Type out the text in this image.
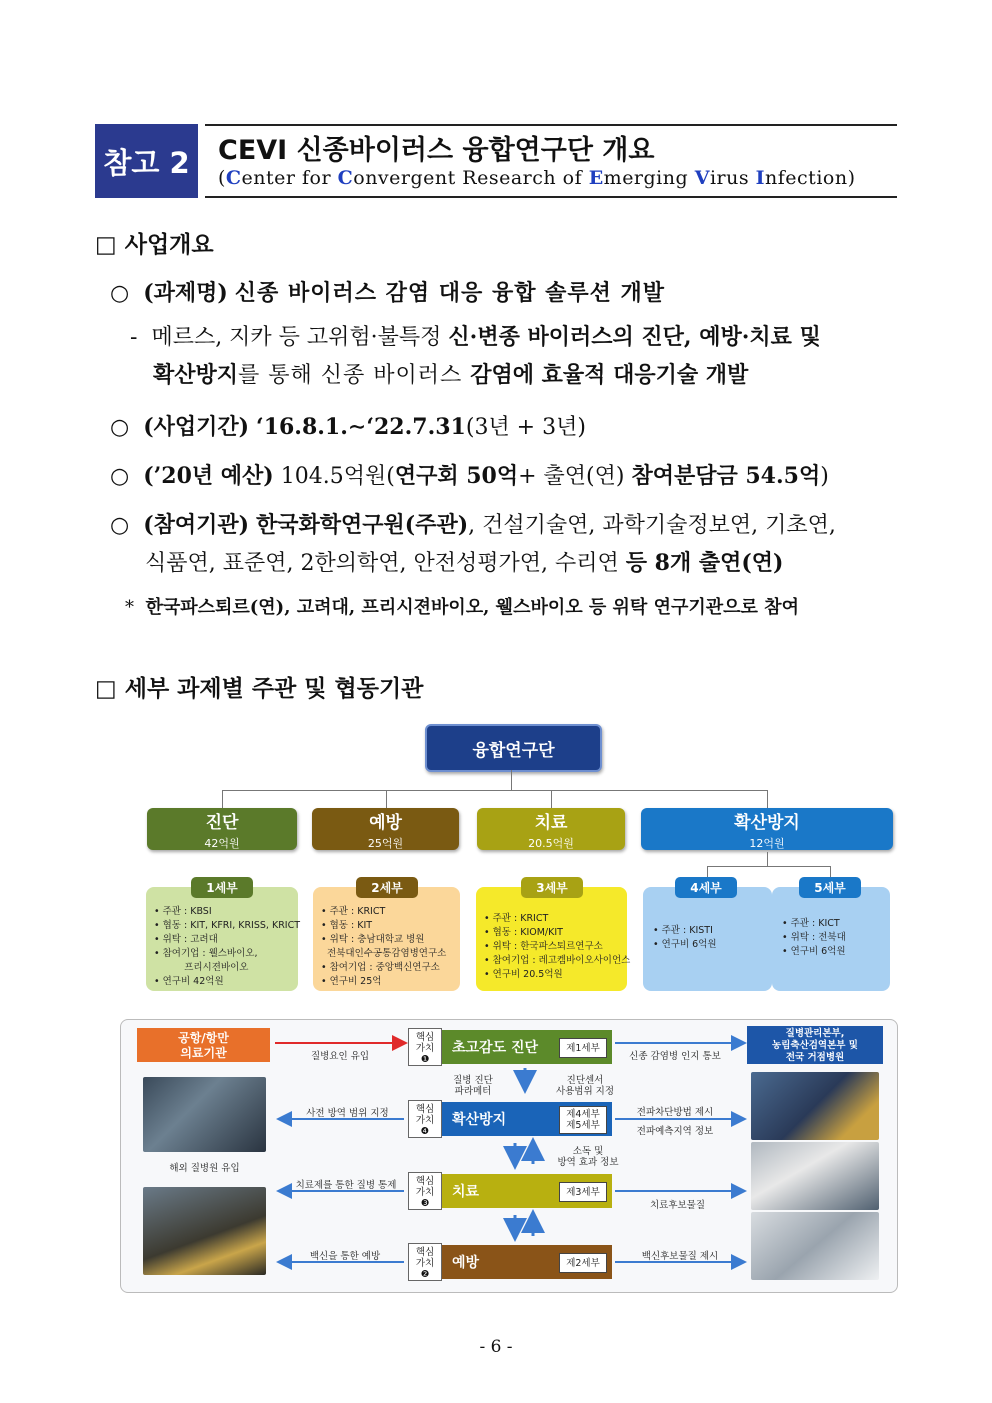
참고 2	CEVI 신종바이러스 융합연구단 개요
(Center for Convergent Research of Emerging Virus Infection)
□ 사업개요
○ (과제명) 신종 바이러스 감염 대응 융합 솔루션 개발
- 메르스, 지카 등 고위험·불특정 신·변종 바이러스의 진단, 예방·치료 및
확산방지를 통해 신종 바이러스 감염에 효율적 대응기술 개발
○ (사업기간) ‘16.8.1.∼‘22.7.31(3년 + 3년)
○ (’20년 예산) 104.5억원(연구회 50억+ 출연(연) 참여분담금 54.5억)
○ (참여기관) 한국화학연구원(주관), 건설기술연, 과학기술정보연, 기초연,
식품연, 표준연, 2한의학연, 안전성평가연, 수리연 등 8개 출연(연)
* 한국파스퇴르(연), 고려대, 프리시젼바이오, 웰스바이오 등 위탁 연구기관으로 참여
□ 세부 과제별 주관 및 협동기관
융합연구단
진단
42억원
예방
25억원
치료
20.5억원
확산방지
12억원
• 주관 : KBSI
• 협동 : KIT, KFRI, KRISS, KRICT
• 위탁 : 고려대
• 참여기업 : 웰스바이오,
프리시젼바이오
• 연구비 42억원
1세부
• 주관 : KRICT
• 협동 : KIT
• 위탁 : 충남대학교 병원
전북대인수공통감염병연구소
• 참여기업 : 중앙백신연구소
• 연구비 25억
2세부
• 주관 : KRICT
• 협동 : KIOM/KIT
• 위탁 : 한국파스퇴르연구소
• 참여기업 : 레고켐바이오사이언스
• 연구비 20.5억원
3세부
• 주관 : KISTI
• 연구비 6억원
4세부
• 주관 : KICT
• 위탁 : 전북대
• 연구비 6억원
5세부
공항/항만
의료기관
해외 질병원 유입
질병관리본부,
농림축산검역본부 및
전국 거점병원
질병요인 유입
핵심
가치
❶
초고감도 진단	제1세부
신종 감염병 인지 통보
질병 진단
파라메터
진단센서
사용범위 지정
사전 방역 범위 지정	핵심
가치
❹
확산방지	제4세부
제5세부
전파차단방법 제시
전파예측지역 정보
소독 및
방역 효과 정보
치료제를 통한 질병 통제	핵심
가치
❸
치료	제3세부
치료후보물질
백신을 통한 예방	핵심
가치
❷
예방	제2세부
백신후보물질 제시
- 6 -
